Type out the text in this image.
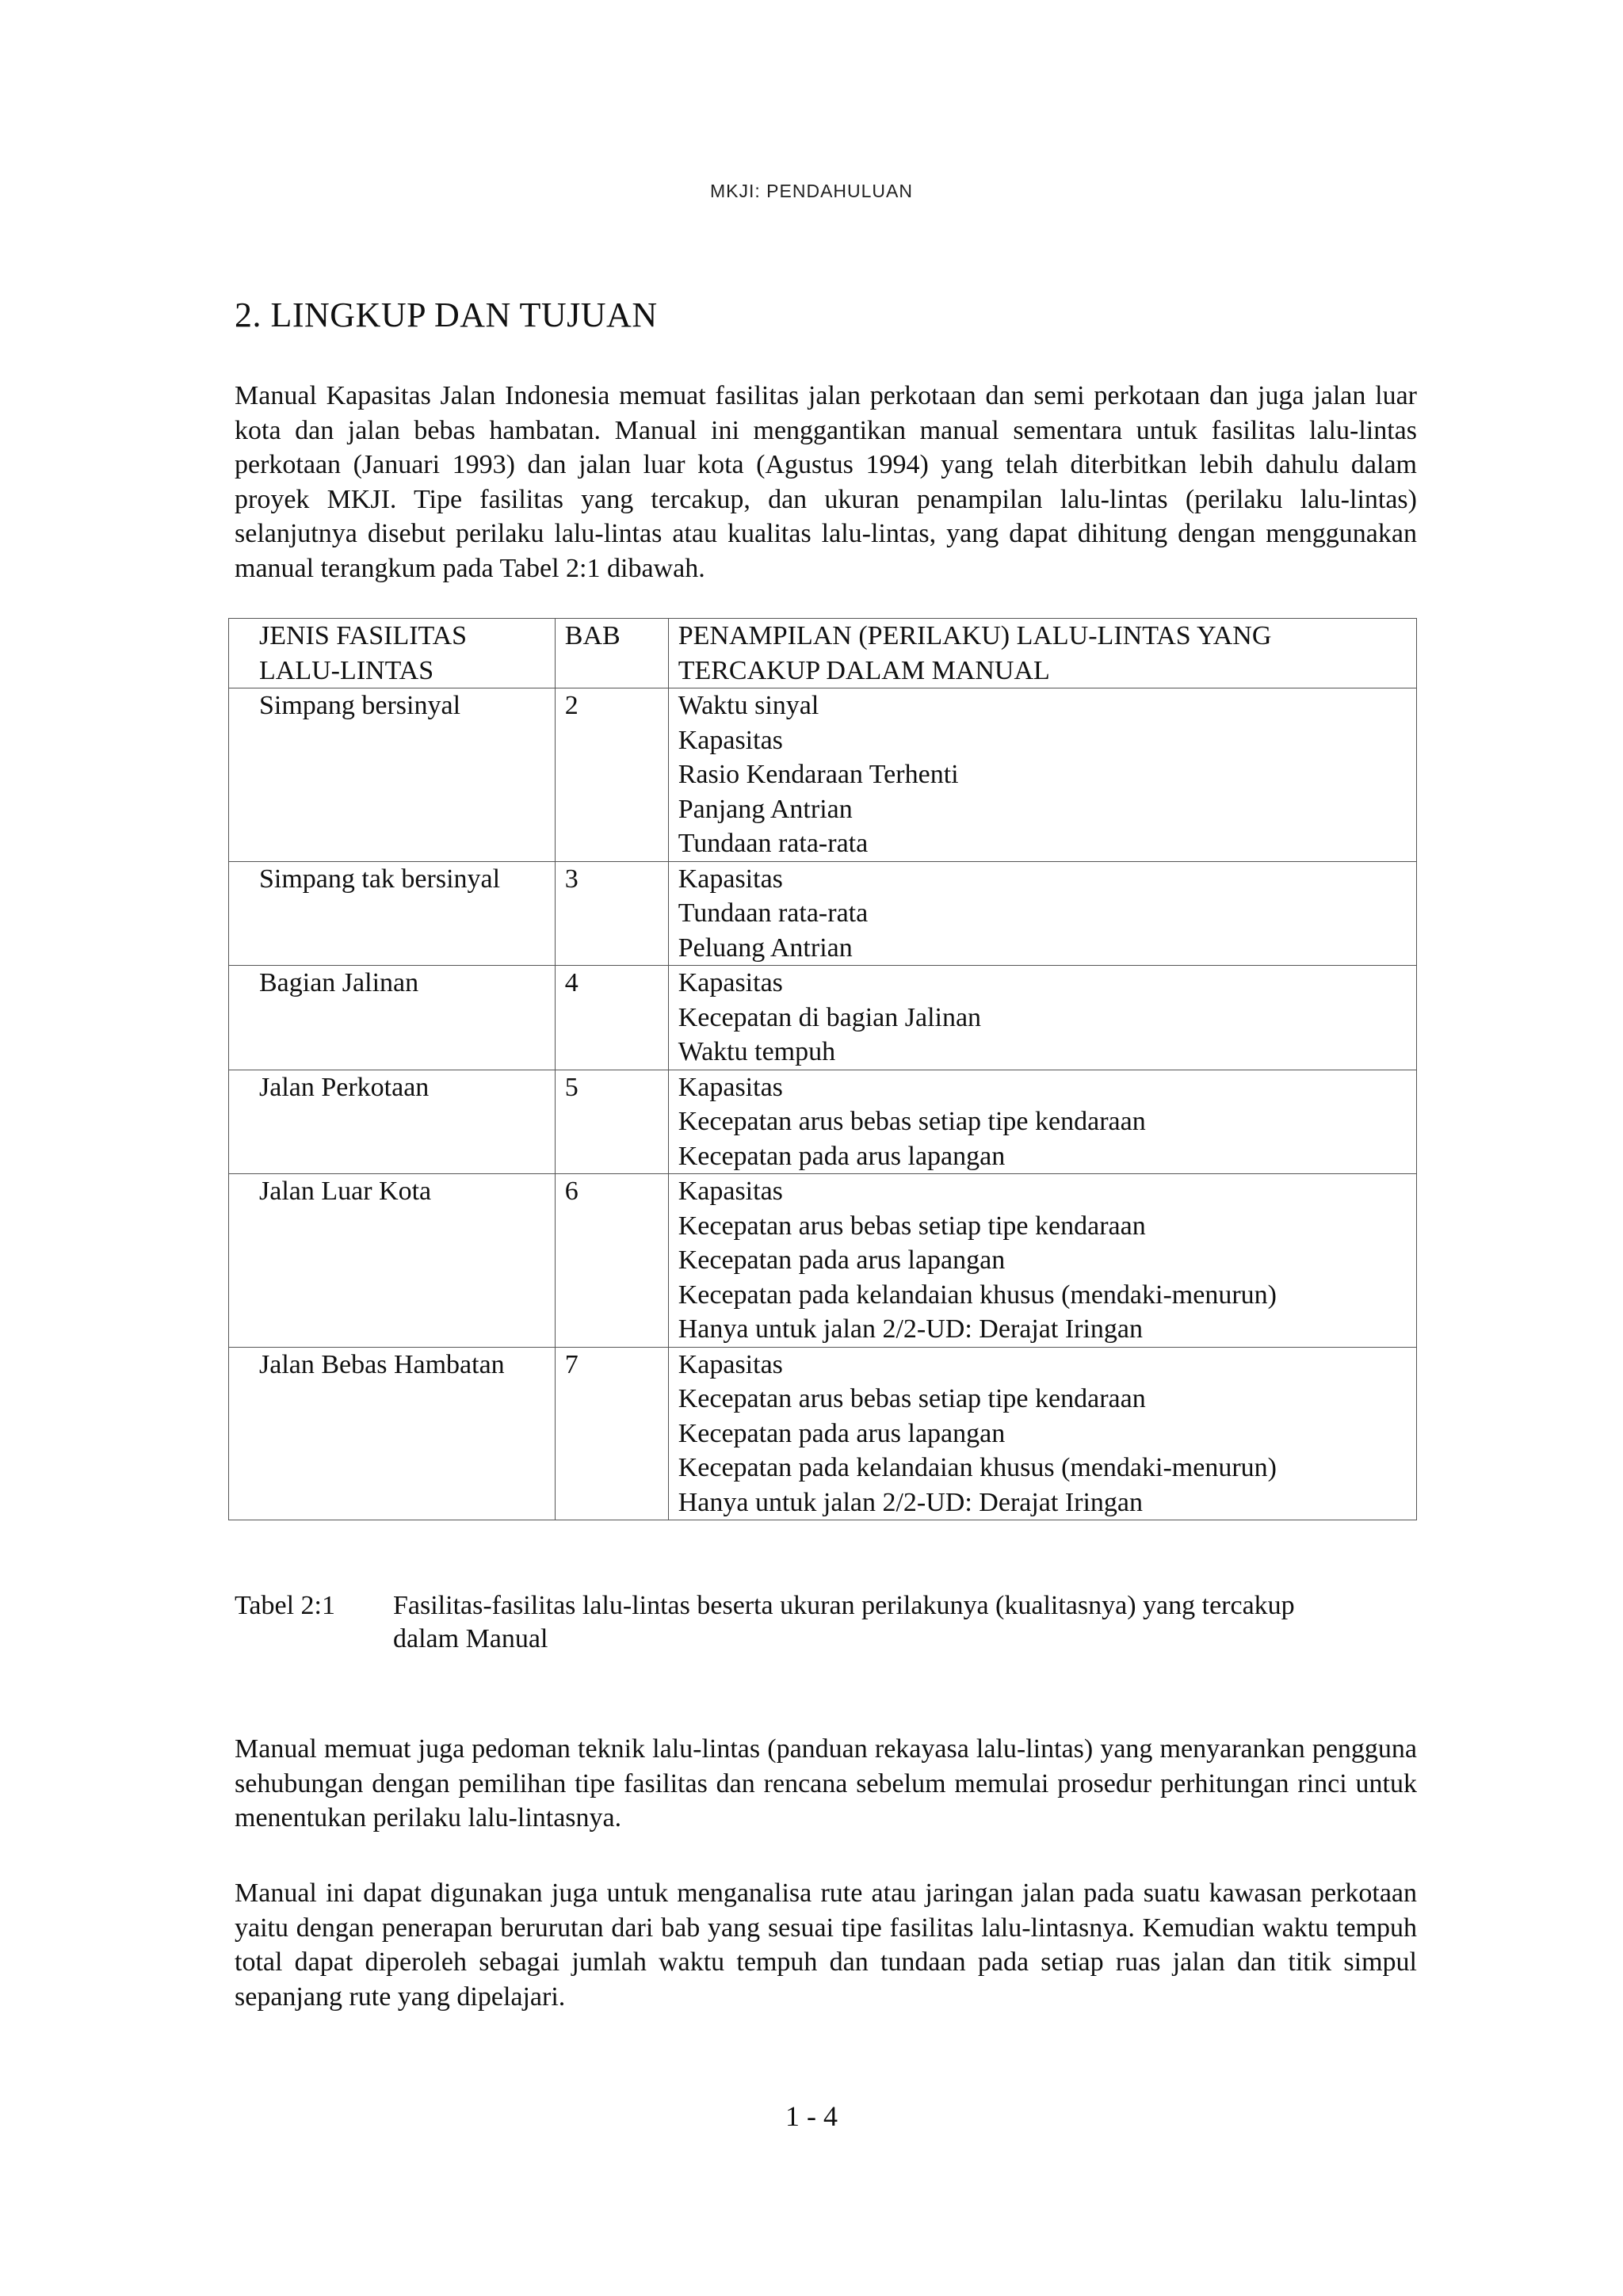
MKJI: PENDAHULUAN
2. LINGKUP DAN TUJUAN

Manual Kapasitas Jalan Indonesia memuat fasilitas jalan perkotaan dan semi perkotaan dan juga jalan luar kota dan jalan bebas hambatan. Manual ini menggantikan manual sementara untuk fasilitas lalu-lintas perkotaan (Januari 1993) dan jalan luar kota (Agustus 1994) yang telah diterbitkan lebih dahulu dalam proyek MKJI. Tipe fasilitas yang tercakup, dan ukuran penampilan lalu-lintas (perilaku lalu-lintas) selanjutnya disebut perilaku lalu-lintas atau kualitas lalu-lintas, yang dapat dihitung dengan menggunakan manual terangkum pada Tabel 2:1 dibawah.

JENIS FASILITAS
LALU-LINTAS	BAB	PENAMPILAN (PERILAKU) LALU-LINTAS YANG
TERCAKUP DALAM MANUAL

Simpang bersinyal	2	Waktu sinyal
Kapasitas
Rasio Kendaraan Terhenti
Panjang Antrian
Tundaan rata-rata

Simpang tak bersinyal	3	Kapasitas
Tundaan rata-rata
Peluang Antrian

Bagian Jalinan	4	Kapasitas
Kecepatan di bagian Jalinan
Waktu tempuh

Jalan Perkotaan	5	Kapasitas
Kecepatan arus bebas setiap tipe kendaraan
Kecepatan pada arus lapangan

Jalan Luar Kota	6	Kapasitas
Kecepatan arus bebas setiap tipe kendaraan
Kecepatan pada arus lapangan
Kecepatan pada kelandaian khusus (mendaki-menurun)
Hanya untuk jalan 2/2-UD: Derajat Iringan

Jalan Bebas Hambatan	7	Kapasitas
Kecepatan arus bebas setiap tipe kendaraan
Kecepatan pada arus lapangan
Kecepatan pada kelandaian khusus (mendaki-menurun)
Hanya untuk jalan 2/2-UD: Derajat Iringan
Tabel 2:1 Fasilitas-fasilitas lalu-lintas beserta ukuran perilakunya (kualitasnya) yang tercakup
dalam Manual

Manual memuat juga pedoman teknik lalu-lintas (panduan rekayasa lalu-lintas) yang menyarankan pengguna sehubungan dengan pemilihan tipe fasilitas dan rencana sebelum memulai prosedur perhitungan rinci untuk menentukan perilaku lalu-lintasnya.

Manual ini dapat digunakan juga untuk menganalisa rute atau jaringan jalan pada suatu kawasan perkotaan yaitu dengan penerapan berurutan dari bab yang sesuai tipe fasilitas lalu-lintasnya. Kemudian waktu tempuh total dapat diperoleh sebagai jumlah waktu tempuh dan tundaan pada setiap ruas jalan dan titik simpul sepanjang rute yang dipelajari.

1 - 4
